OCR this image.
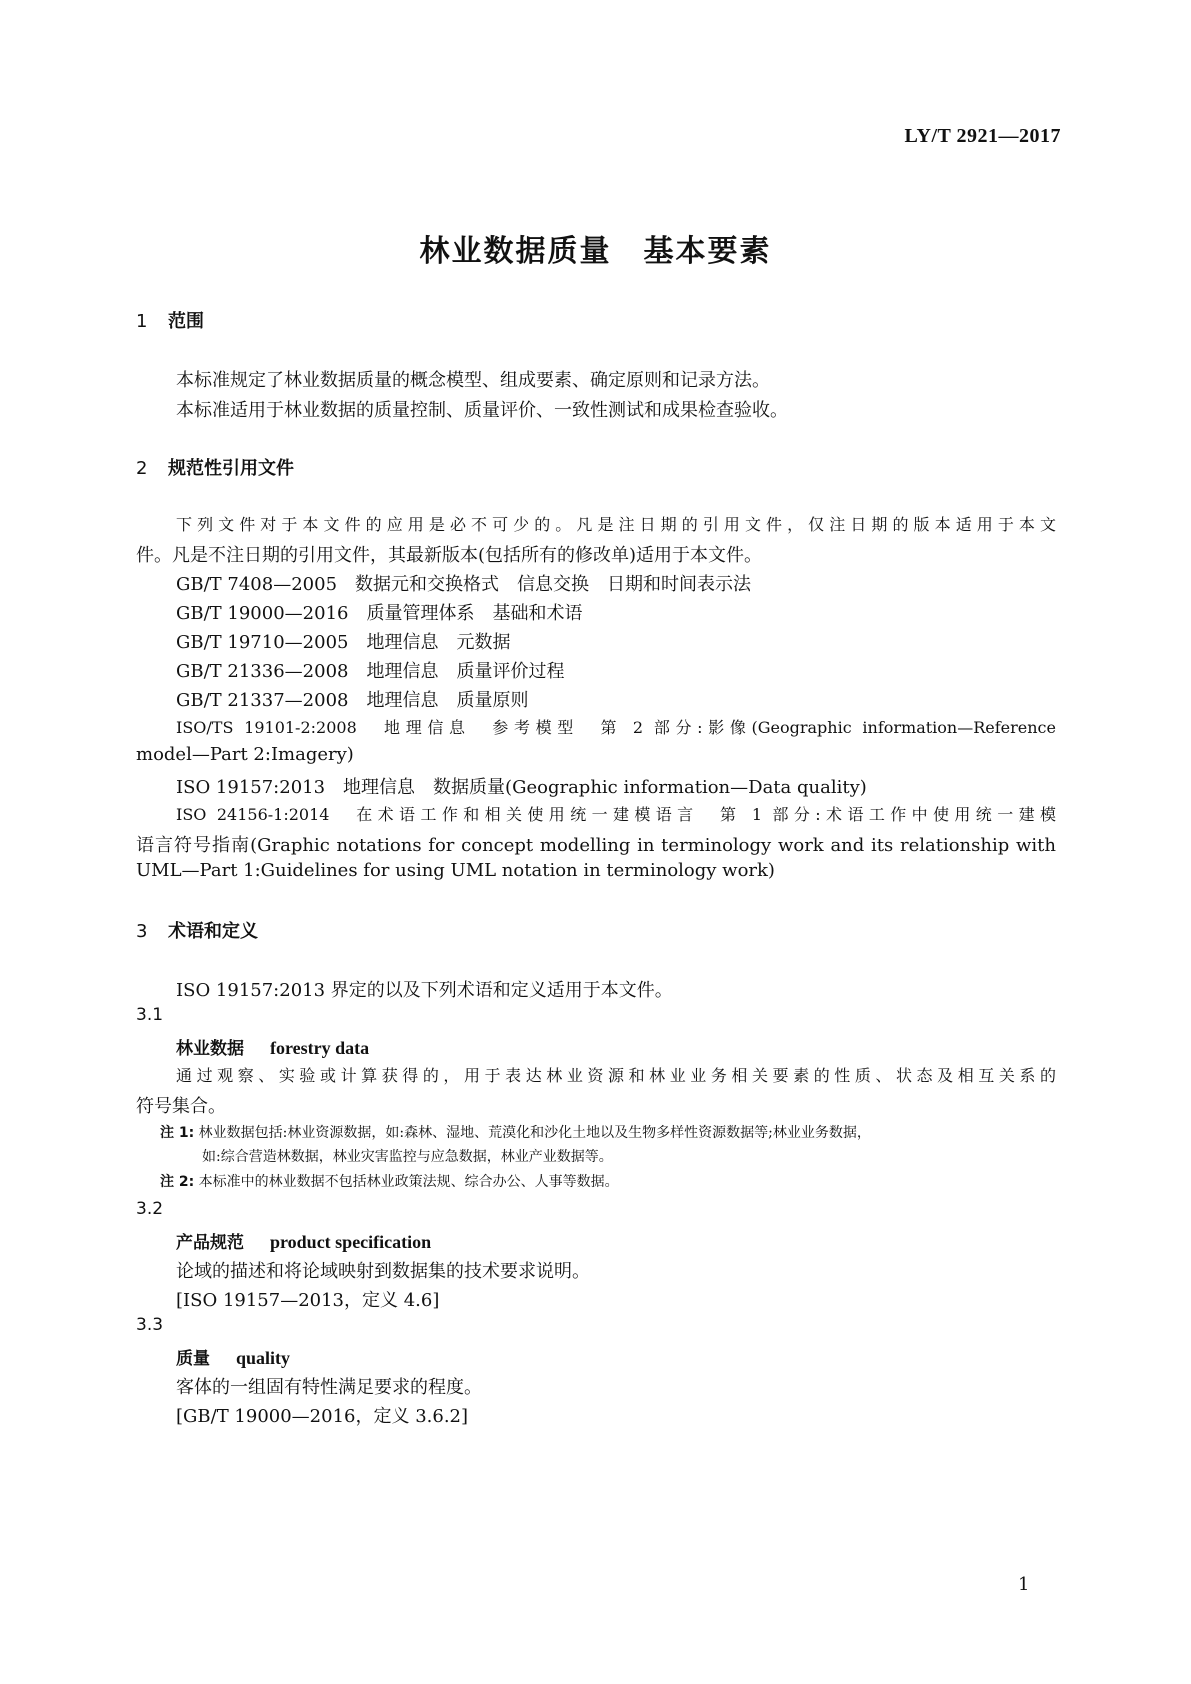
LY/T 2921—2017
林业数据质量　基本要素
1 范围
本标准规定了林业数据质量的概念模型、组成要素、确定原则和记录方法。
本标准适用于林业数据的质量控制、质量评价、一致性测试和成果检查验收。
2 规范性引用文件
下列文件对于本文件的应用是必不可少的。凡是注日期的引用文件，仅注日期的版本适用于本文
件。凡是不注日期的引用文件，其最新版本(包括所有的修改单)适用于本文件。
GB/T 7408—2005　数据元和交换格式　信息交换　日期和时间表示法
GB/T 19000—2016　质量管理体系　基础和术语
GB/T 19710—2005　地理信息　元数据
GB/T 21336—2008　地理信息　质量评价过程
GB/T 21337—2008　地理信息　质量原则
ISO/TS 19101-2:2008　地理信息　参考模型　第 2 部分:影像(Geographic information—Reference
model—Part 2:Imagery)
ISO 19157:2013　地理信息　数据质量(Geographic information—Data quality)
ISO 24156-1:2014　在术语工作和相关使用统一建模语言　第 1 部分:术语工作中使用统一建模
语言符号指南(Graphic notations for concept modelling in terminology work and its relationship with
UML—Part 1:Guidelines for using UML notation in terminology work)
3 术语和定义
ISO 19157:2013 界定的以及下列术语和定义适用于本文件。
3.1
林业数据 forestry data
通过观察、实验或计算获得的，用于表达林业资源和林业业务相关要素的性质、状态及相互关系的
符号集合。
注 1: 林业数据包括:林业资源数据，如:森林、湿地、荒漠化和沙化土地以及生物多样性资源数据等;林业业务数据，
如:综合营造林数据，林业灾害监控与应急数据，林业产业数据等。
注 2: 本标准中的林业数据不包括林业政策法规、综合办公、人事等数据。
3.2
产品规范 product specification
论域的描述和将论域映射到数据集的技术要求说明。
[ISO 19157—2013，定义 4.6]
3.3
质量 quality
客体的一组固有特性满足要求的程度。
[GB/T 19000—2016，定义 3.6.2]
1
